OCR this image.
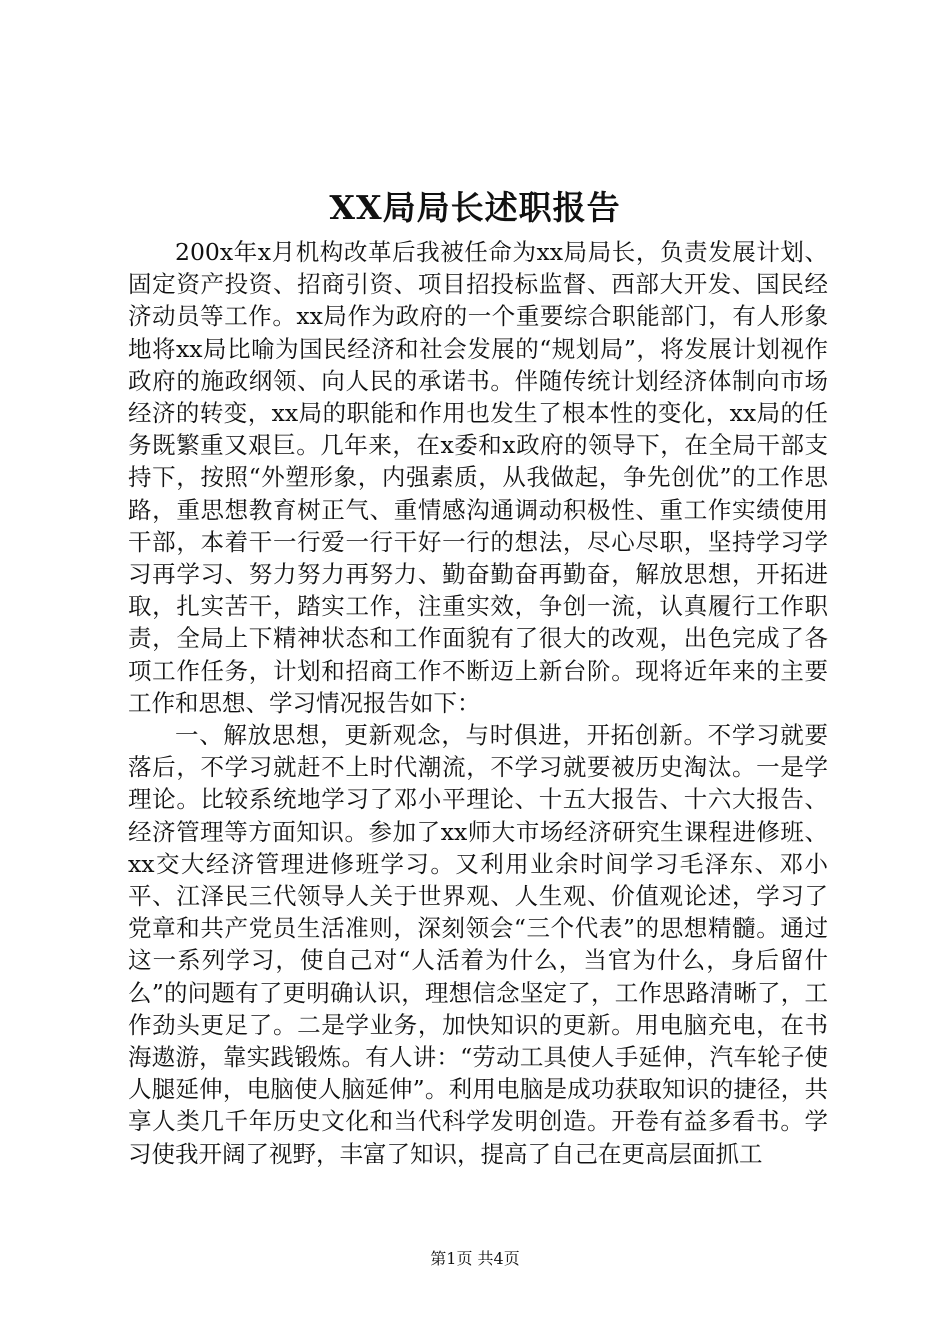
XX局局长述职报告

200x年x月机构改革后我被任命为xx局局长，负责发展计划、固定资产投资、招商引资、项目招投标监督、西部大开发、国民经济动员等工作。xx局作为政府的一个重要综合职能部门，有人形象地将xx局比喻为国民经济和社会发展的“规划局”，将发展计划视作政府的施政纲领、向人民的承诺书。伴随传统计划经济体制向市场经济的转变，xx局的职能和作用也发生了根本性的变化，xx局的任务既繁重又艰巨。几年来，在x委和x政府的领导下，在全局干部支持下，按照“外塑形象，内强素质，从我做起，争先创优”的工作思路，重思想教育树正气、重情感沟通调动积极性、重工作实绩使用干部，本着干一行爱一行干好一行的想法，尽心尽职，坚持学习学习再学习、努力努力再努力、勤奋勤奋再勤奋，解放思想，开拓进取，扎实苦干，踏实工作，注重实效，争创一流，认真履行工作职责，全局上下精神状态和工作面貌有了很大的改观，出色完成了各项工作任务，计划和招商工作不断迈上新台阶。现将近年来的主要工作和思想、学习情况报告如下：

一、解放思想，更新观念，与时俱进，开拓创新。不学习就要落后，不学习就赶不上时代潮流，不学习就要被历史淘汰。一是学理论。比较系统地学习了邓小平理论、十五大报告、十六大报告、经济管理等方面知识。参加了xx师大市场经济研究生课程进修班、xx交大经济管理进修班学习。又利用业余时间学习毛泽东、邓小平、江泽民三代领导人关于世界观、人生观、价值观论述，学习了党章和共产党员生活准则，深刻领会“三个代表”的思想精髓。通过这一系列学习，使自己对“人活着为什么，当官为什么，身后留什么”的问题有了更明确认识，理想信念坚定了，工作思路清晰了，工作劲头更足了。二是学业务，加快知识的更新。用电脑充电，在书海遨游，靠实践锻炼。有人讲：“劳动工具使人手延伸，汽车轮子使人腿延伸，电脑使人脑延伸”。利用电脑是成功获取知识的捷径，共享人类几千年历史文化和当代科学发明创造。开卷有益多看书。学习使我开阔了视野，丰富了知识，提高了自己在更高层面抓工

第1页 共4页
